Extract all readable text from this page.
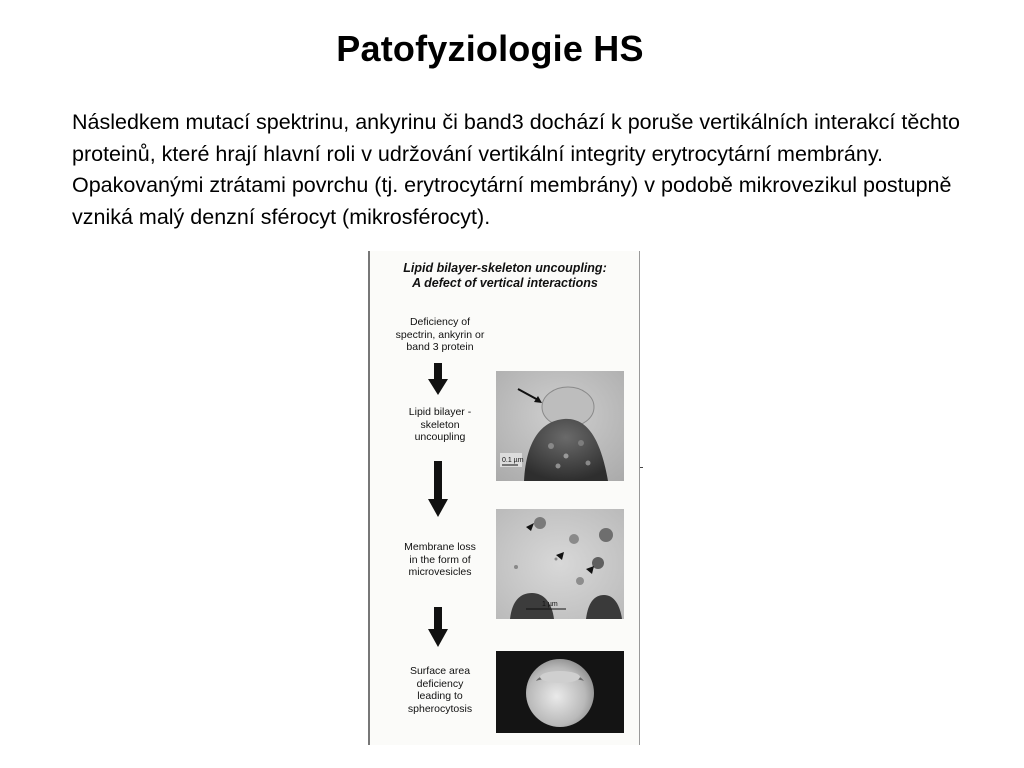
Patofyziologie HS
Následkem mutací spektrinu, ankyrinu či band3 dochází k poruše vertikálních interakcí těchto proteinů, které hrají hlavní roli v udržování vertikální integrity erytrocytární membrány. Opakovanými ztrátami povrchu (tj. erytrocytární membrány) v podobě mikrovezikul postupně vzniká malý denzní sférocyt (mikrosférocyt).
Lipid bilayer-skeleton uncoupling:
A defect of vertical interactions
Deficiency of
spectrin, ankyrin or
band 3 protein
Lipid bilayer -
skeleton
uncoupling
Membrane loss
in the form of
microvesicles
Surface area
deficiency
leading to
spherocytosis
0.1 µm
1 µm
